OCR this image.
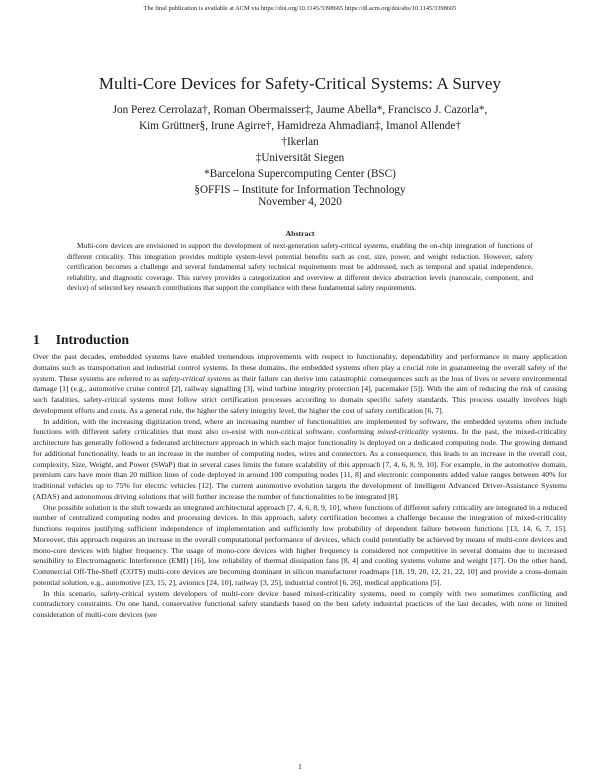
The final publication is available at ACM via https://doi.org/10.1145/3398665 https://dl.acm.org/doi/abs/10.1145/3398665
Multi-Core Devices for Safety-Critical Systems: A Survey
Jon Perez Cerrolaza†, Roman Obermaisser‡, Jaume Abella*, Francisco J. Cazorla*,
Kim Grüttner§, Irune Agirre†, Hamidreza Ahmadian‡, Imanol Allende†
†Ikerlan
‡Universität Siegen
*Barcelona Supercomputing Center (BSC)
§OFFIS – Institute for Information Technology
November 4, 2020
Abstract

Multi-core devices are envisioned to support the development of next-generation safety-critical systems, enabling the on-chip integration of functions of different criticality. This integration provides multiple system-level potential benefits such as cost, size, power, and weight reduction. However, safety certification becomes a challenge and several fundamental safety technical requirements must be addressed, such as temporal and spatial independence, reliability, and diagnostic coverage. This survey provides a categorization and overview at different device abstraction levels (nanoscale, component, and device) of selected key research contributions that support the compliance with these fundamental safety requirements.

1 Introduction

Over the past decades, embedded systems have enabled tremendous improvements with respect to functionality, dependability and performance in many application domains such as transportation and industrial control systems. In these domains, the embedded systems often play a crucial role in guaranteeing the overall safety of the system. These systems are referred to as safety-critical systems as their failure can derive into catastrophic consequences such as the loss of lives or severe environmental damage [1] (e.g., automotive cruise control [2], railway signalling [3], wind turbine integrity protection [4], pacemaker [5]). With the aim of reducing the risk of causing such fatalities, safety-critical systems must follow strict certification processes according to domain specific safety standards. This process usually involves high development efforts and costs. As a general rule, the higher the safety integrity level, the higher the cost of safety certification [6, 7].

In addition, with the increasing digitization trend, where an increasing number of functionalities are implemented by software, the embedded systems often include functions with different safety criticalities that must also co-exist with non-critical software, conforming mixed-criticality systems. In the past, the mixed-criticality architecture has generally followed a federated architecture approach in which each major functionality is deployed on a dedicated computing node. The growing demand for additional functionality, leads to an increase in the number of computing nodes, wires and connectors. As a consequence, this leads to an increase in the overall cost, complexity, Size, Weight, and Power (SWaP) that in several cases limits the future scalability of this approach [7, 4, 6, 8, 9, 10]. For example, in the automotive domain, premium cars have more than 20 million lines of code deployed in around 100 computing nodes [11, 8] and electronic components added value ranges between 40% for traditional vehicles up to 75% for electric vehicles [12]. The current automotive evolution targets the development of intelligent Advanced Driver-Assistance Systems (ADAS) and autonomous driving solutions that will further increase the number of functionalities to be integrated [8].

One possible solution is the shift towards an integrated architectural approach [7, 4, 6, 8, 9, 10], where functions of different safety criticality are integrated in a reduced number of centralized computing nodes and processing devices. In this approach, safety certification becomes a challenge because the integration of mixed-criticality functions requires justifying sufficient independence of implementation and sufficiently low probability of dependent failure between functions [13, 14, 6, 7, 15]. Moreover, this approach requires an increase in the overall computational performance of devices, which could potentially be achieved by means of multi-core devices and mono-core devices with higher frequency. The usage of mono-core devices with higher frequency is considered not competitive in several domains due to increased sensibility to Electromagnetic Interference (EMI) [16], low reliability of thermal dissipation fans [8, 4] and cooling systems volume and weight [17]. On the other hand, Commercial Off-The-Shelf (COTS) multi-core devices are becoming dominant in silicon manufacturer roadmaps [18, 19, 20, 12, 21, 22, 10] and provide a cross-domain potential solution, e.g., automotive [23, 15, 2], avionics [24, 10], railway [3, 25], industrial control [6, 26], medical applications [5].

In this scenario, safety-critical system developers of multi-core device based mixed-criticality systems, need to comply with two sometimes conflicting and contradictory constraints. On one hand, conservative functional safety standards based on the best safety industrial practices of the last decades, with none or limited consideration of multi-core devices (see

1
